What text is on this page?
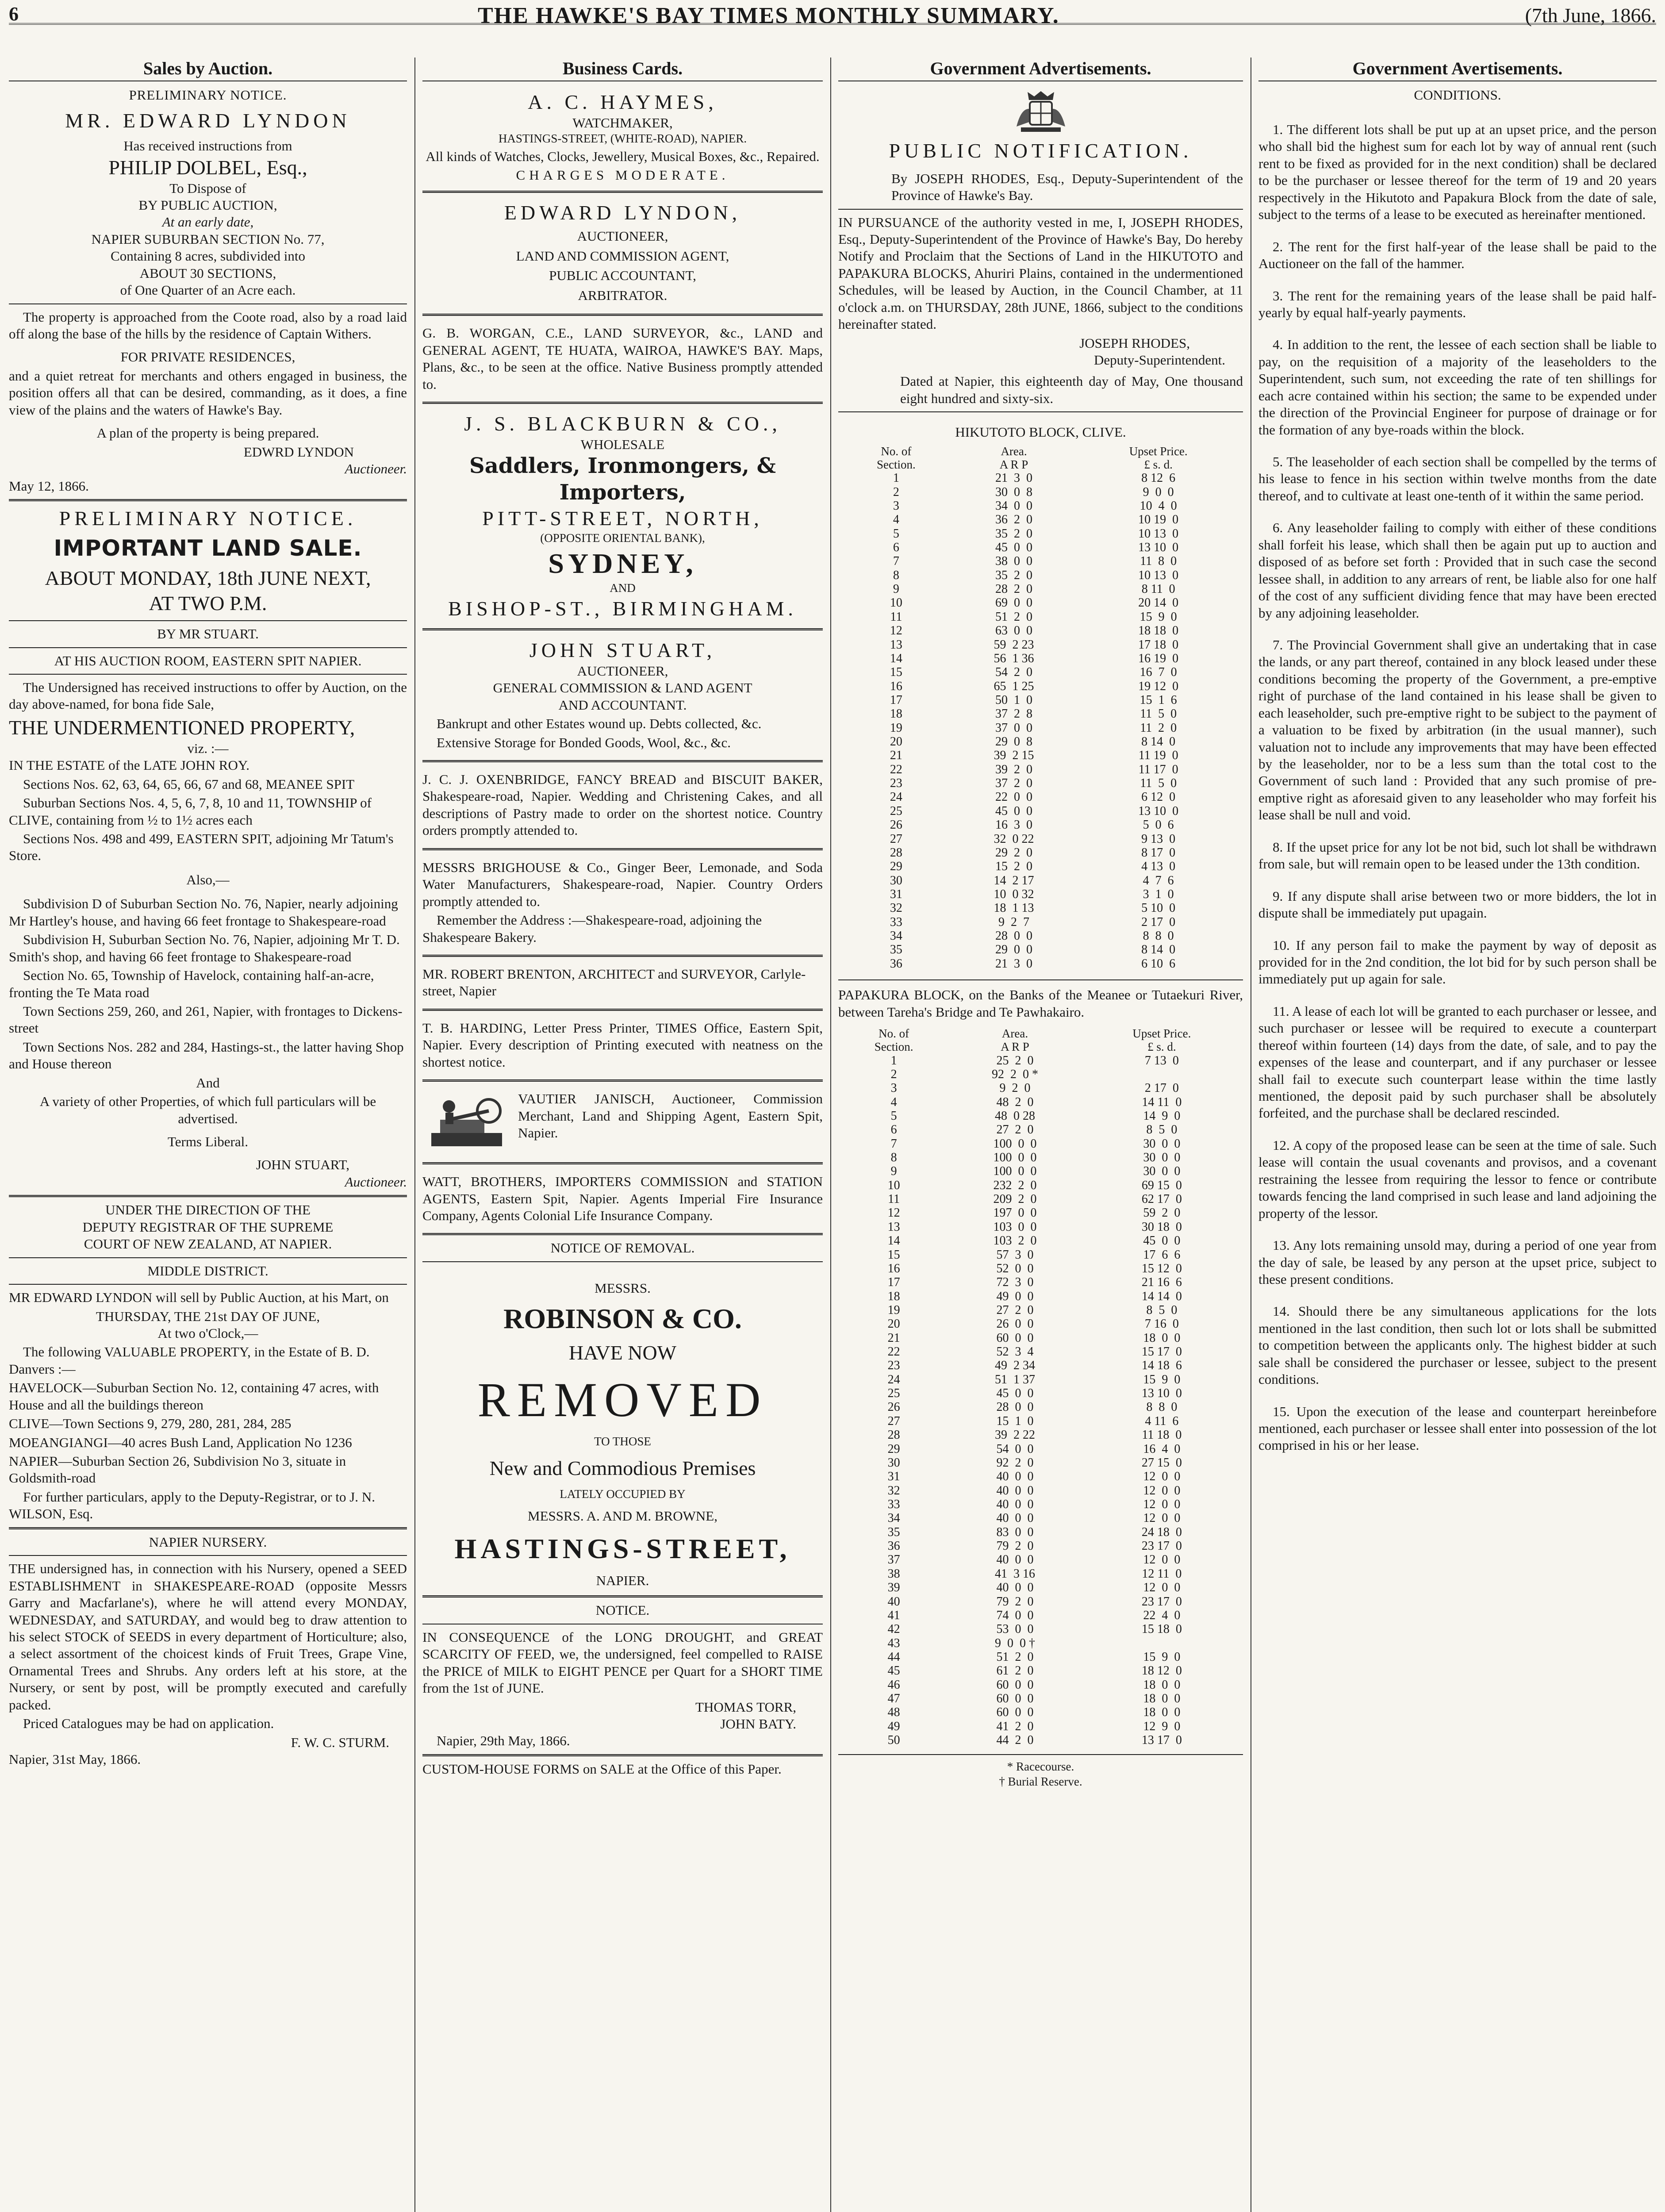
6	THE HAWKE'S BAY TIMES MONTHLY SUMMARY.	(7th June, 1866.
Sales by Auction.
PRELIMINARY NOTICE.
MR. EDWARD LYNDON
Has received instructions from
PHILIP DOLBEL, Esq.,
To Dispose of
BY PUBLIC AUCTION,
At an early date,
NAPIER SUBURBAN SECTION No. 77,
Containing 8 acres, subdivided into
ABOUT 30 SECTIONS,
of One Quarter of an Acre each.

The property is approached from the Coote road, also by a road laid off along the base of the hills by the residence of Captain Withers.

FOR PRIVATE RESIDENCES,

and a quiet retreat for merchants and others engaged in business, the position offers all that can be desired, commanding, as it does, a fine view of the plains and the waters of Hawke's Bay.

A plan of the property is being prepared.

EDWRD LYNDON
Auctioneer.
May 12, 1866.
PRELIMINARY NOTICE.
IMPORTANT LAND SALE.
ABOUT MONDAY, 18th JUNE NEXT,
AT TWO P.M.
BY MR STUART.
AT HIS AUCTION ROOM, EASTERN SPIT NAPIER.

The Undersigned has received instructions to offer by Auction, on the day above-named, for bona fide Sale,

THE UNDERMENTIONED PROPERTY,
viz. :—
IN THE ESTATE of the LATE JOHN ROY.

Sections Nos. 62, 63, 64, 65, 66, 67 and 68, MEANEE SPIT

Suburban Sections Nos. 4, 5, 6, 7, 8, 10 and 11, TOWNSHIP of CLIVE, containing from ½ to 1½ acres each

Sections Nos. 498 and 499, EASTERN SPIT, adjoining Mr Tatum's Store.

Also,—

Subdivision D of Suburban Section No. 76, Napier, nearly adjoining Mr Hartley's house, and having 66 feet frontage to Shakespeare-road

Subdivision H, Suburban Section No. 76, Napier, adjoining Mr T. D. Smith's shop, and having 66 feet frontage to Shakespeare-road

Section No. 65, Township of Havelock, containing half-an-acre, fronting the Te Mata road

Town Sections 259, 260, and 261, Napier, with frontages to Dickens-street

Town Sections Nos. 282 and 284, Hastings-st., the latter having Shop and House thereon

And

A variety of other Properties, of which full particulars will be advertised.

Terms Liberal.
JOHN STUART,
Auctioneer.
UNDER THE DIRECTION OF THE
DEPUTY REGISTRAR OF THE SUPREME
COURT OF NEW ZEALAND, AT NAPIER.
MIDDLE DISTRICT.

MR EDWARD LYNDON will sell by Public Auction, at his Mart, on

THURSDAY, THE 21st DAY OF JUNE,
At two o'Clock,—

The following VALUABLE PROPERTY, in the Estate of B. D. Danvers :—

HAVELOCK—Suburban Section No. 12, containing 47 acres, with House and all the buildings thereon

CLIVE—Town Sections 9, 279, 280, 281, 284, 285

MOEANGIANGI—40 acres Bush Land, Application No 1236

NAPIER—Suburban Section 26, Subdivision No 3, situate in Goldsmith-road

For further particulars, apply to the Deputy-Registrar, or to J. N. WILSON, Esq.

NAPIER NURSERY.

THE undersigned has, in connection with his Nursery, opened a SEED ESTABLISHMENT in SHAKESPEARE-ROAD (opposite Messrs Garry and Macfarlane's), where he will attend every MONDAY, WEDNESDAY, and SATURDAY, and would beg to draw attention to his select STOCK of SEEDS in every department of Horticulture; also, a select assortment of the choicest kinds of Fruit Trees, Grape Vine, Ornamental Trees and Shrubs. Any orders left at his store, at the Nursery, or sent by post, will be promptly executed and carefully packed.

Priced Catalogues may be had on application.

F. W. C. STURM.
Napier, 31st May, 1866.
Business Cards.
A. C. HAYMES,
WATCHMAKER,
HASTINGS-STREET, (WHITE-ROAD), NAPIER.

All kinds of Watches, Clocks, Jewellery, Musical Boxes, &c., Repaired.

CHARGES MODERATE.
EDWARD LYNDON,
AUCTIONEER,
LAND AND COMMISSION AGENT,
PUBLIC ACCOUNTANT,
ARBITRATOR.

G. B. WORGAN, C.E., LAND SURVEYOR, &c., LAND and GENERAL AGENT, TE HUATA, WAIROA, HAWKE'S BAY. Maps, Plans, &c., to be seen at the office. Native Business promptly attended to.

J. S. BLACKBURN & CO.,
WHOLESALE
Saddlers, Ironmongers, & Importers,
PITT-STREET, NORTH,
(OPPOSITE ORIENTAL BANK),
SYDNEY,
AND
BISHOP-ST., BIRMINGHAM.
JOHN STUART,
AUCTIONEER,
GENERAL COMMISSION & LAND AGENT
AND ACCOUNTANT.

Bankrupt and other Estates wound up. Debts collected, &c.

Extensive Storage for Bonded Goods, Wool, &c., &c.

J. C. J. OXENBRIDGE, FANCY BREAD and BISCUIT BAKER, Shakespeare-road, Napier. Wedding and Christening Cakes, and all descriptions of Pastry made to order on the shortest notice. Country orders promptly attended to.

MESSRS BRIGHOUSE & Co., Ginger Beer, Lemonade, and Soda Water Manufacturers, Shakespeare-road, Napier. Country Orders promptly attended to.

Remember the Address :—Shakespeare-road, adjoining the Shakespeare Bakery.

MR. ROBERT BRENTON, ARCHITECT and SURVEYOR, Carlyle-street, Napier

T. B. HARDING, Letter Press Printer, TIMES Office, Eastern Spit, Napier. Every description of Printing executed with neatness on the shortest notice.

VAUTIER JANISCH, Auctioneer, Commission Merchant, Land and Shipping Agent, Eastern Spit, Napier.

WATT, BROTHERS, IMPORTERS COMMISSION and STATION AGENTS, Eastern Spit, Napier. Agents Imperial Fire Insurance Company, Agents Colonial Life Insurance Company.

NOTICE OF REMOVAL.
MESSRS.
ROBINSON & CO.
HAVE NOW
REMOVED
TO THOSE
New and Commodious Premises
LATELY OCCUPIED BY
MESSRS. A. AND M. BROWNE,
HASTINGS-STREET,
NAPIER.
NOTICE.

IN CONSEQUENCE of the LONG DROUGHT, and GREAT SCARCITY OF FEED, we, the undersigned, feel compelled to RAISE the PRICE of MILK to EIGHT PENCE per Quart for a SHORT TIME from the 1st of JUNE.

THOMAS TORR,
JOHN BATY.
Napier, 29th May, 1866.

CUSTOM-HOUSE FORMS on SALE at the Office of this Paper.

Government Advertisements.
PUBLIC NOTIFICATION.

By JOSEPH RHODES, Esq., Deputy-Superintendent of the Province of Hawke's Bay.

IN PURSUANCE of the authority vested in me, I, JOSEPH RHODES, Esq., Deputy-Superintendent of the Province of Hawke's Bay, Do hereby Notify and Proclaim that the Sections of Land in the HIKUTOTO and PAPAKURA BLOCKS, Ahuriri Plains, contained in the undermentioned Schedules, will be leased by Auction, in the Council Chamber, at 11 o'clock a.m. on THURSDAY, 28th JUNE, 1866, subject to the conditions hereinafter stated.

JOSEPH RHODES,
Deputy-Superintendent.

Dated at Napier, this eighteenth day of May, One thousand eight hundred and sixty-six.

HIKUTOTO BLOCK, CLIVE.
No. of	Area.	Upset Price.
Section.	A R P	£ s. d.
1	21  3  0	8 12  6
2	30  0  8	9  0  0
3	34  0  0	10  4  0
4	36  2  0	10 19  0
5	35  2  0	10 13  0
6	45  0  0	13 10  0
7	38  0  0	11  8  0
8	35  2  0	10 13  0
9	28  2  0	8 11  0
10	69  0  0	20 14  0
11	51  2  0	15  9  0
12	63  0  0	18 18  0
13	59  2 23	17 18  0
14	56  1 36	16 19  0
15	54  2  0	16  7  0
16	65  1 25	19 12  0
17	50  1  0	15  1  6
18	37  2  8	11  5  0
19	37  0  0	11  2  0
20	29  0  8	8 14  0
21	39  2 15	11 19  0
22	39  2  0	11 17  0
23	37  2  0	11  5  0
24	22  0  0	6 12  0
25	45  0  0	13 10  0
26	16  3  0	5  0  6
27	32  0 22	9 13  0
28	29  2  0	8 17  0
29	15  2  0	4 13  0
30	14  2 17	4  7  6
31	10  0 32	3  1  0
32	18  1 13	5 10  0
33	9  2  7	2 17  0
34	28  0  0	8  8  0
35	29  0  0	8 14  0
36	21  3  0	6 10  6

PAPAKURA BLOCK, on the Banks of the Meanee or Tutaekuri River, between Tareha's Bridge and Te Pawhakairo.

No. of	Area.	Upset Price.
Section.	A R P	£ s. d.
1	25  2  0	7 13  0
2	92  2  0 *	
3	9  2  0	2 17  0
4	48  2  0	14 11  0
5	48  0 28	14  9  0
6	27  2  0	8  5  0
7	100  0  0	30  0  0
8	100  0  0	30  0  0
9	100  0  0	30  0  0
10	232  2  0	69 15  0
11	209  2  0	62 17  0
12	197  0  0	59  2  0
13	103  0  0	30 18  0
14	103  2  0	45  0  0
15	57  3  0	17  6  6
16	52  0  0	15 12  0
17	72  3  0	21 16  6
18	49  0  0	14 14  0
19	27  2  0	8  5  0
20	26  0  0	7 16  0
21	60  0  0	18  0  0
22	52  3  4	15 17  0
23	49  2 34	14 18  6
24	51  1 37	15  9  0
25	45  0  0	13 10  0
26	28  0  0	8  8  0
27	15  1  0	4 11  6
28	39  2 22	11 18  0
29	54  0  0	16  4  0
30	92  2  0	27 15  0
31	40  0  0	12  0  0
32	40  0  0	12  0  0
33	40  0  0	12  0  0
34	40  0  0	12  0  0
35	83  0  0	24 18  0
36	79  2  0	23 17  0
37	40  0  0	12  0  0
38	41  3 16	12 11  0
39	40  0  0	12  0  0
40	79  2  0	23 17  0
41	74  0  0	22  4  0
42	53  0  0	15 18  0
43	9  0  0 †	
44	51  2  0	15  9  0
45	61  2  0	18 12  0
46	60  0  0	18  0  0
47	60  0  0	18  0  0
48	60  0  0	18  0  0
49	41  2  0	12  9  0
50	44  2  0	13 17  0
* Racecourse.
† Burial Reserve.
Government Avertisements.
CONDITIONS.

1. The different lots shall be put up at an upset price, and the person who shall bid the highest sum for each lot by way of annual rent (such rent to be fixed as provided for in the next condition) shall be declared to be the purchaser or lessee thereof for the term of 19 and 20 years respectively in the Hikutoto and Papakura Block from the date of sale, subject to the terms of a lease to be executed as hereinafter mentioned.

2. The rent for the first half-year of the lease shall be paid to the Auctioneer on the fall of the hammer.

3. The rent for the remaining years of the lease shall be paid half-yearly by equal half-yearly payments.

4. In addition to the rent, the lessee of each section shall be liable to pay, on the requisition of a majority of the leaseholders to the Superintendent, such sum, not exceeding the rate of ten shillings for each acre contained within his section; the same to be expended under the direction of the Provincial Engineer for purpose of drainage or for the formation of any bye-roads within the block.

5. The leaseholder of each section shall be compelled by the terms of his lease to fence in his section within twelve months from the date thereof, and to cultivate at least one-tenth of it within the same period.

6. Any leaseholder failing to comply with either of these conditions shall forfeit his lease, which shall then be again put up to auction and disposed of as before set forth : Provided that in such case the second lessee shall, in addition to any arrears of rent, be liable also for one half of the cost of any sufficient dividing fence that may have been erected by any adjoining leaseholder.

7. The Provincial Government shall give an undertaking that in case the lands, or any part thereof, contained in any block leased under these conditions becoming the property of the Government, a pre-emptive right of purchase of the land contained in his lease shall be given to each leaseholder, such pre-emptive right to be subject to the payment of a valuation to be fixed by arbitration (in the usual manner), such valuation not to include any improvements that may have been effected by the leaseholder, nor to be a less sum than the total cost to the Government of such land : Provided that any such promise of pre-emptive right as aforesaid given to any leaseholder who may forfeit his lease shall be null and void.

8. If the upset price for any lot be not bid, such lot shall be withdrawn from sale, but will remain open to be leased under the 13th condition.

9. If any dispute shall arise between two or more bidders, the lot in dispute shall be immediately put upagain.

10. If any person fail to make the payment by way of deposit as provided for in the 2nd condition, the lot bid for by such person shall be immediately put up again for sale.

11. A lease of each lot will be granted to each purchaser or lessee, and such purchaser or lessee will be required to execute a counterpart thereof within fourteen (14) days from the date, of sale, and to pay the expenses of the lease and counterpart, and if any purchaser or lessee shall fail to execute such counterpart lease within the time lastly mentioned, the deposit paid by such purchaser shall be absolutely forfeited, and the purchase shall be declared rescinded.

12. A copy of the proposed lease can be seen at the time of sale. Such lease will contain the usual covenants and provisos, and a covenant restraining the lessee from requiring the lessor to fence or contribute towards fencing the land comprised in such lease and land adjoining the property of the lessor.

13. Any lots remaining unsold may, during a period of one year from the day of sale, be leased by any person at the upset price, subject to these present conditions.

14. Should there be any simultaneous applications for the lots mentioned in the last condition, then such lot or lots shall be submitted to competition between the applicants only. The highest bidder at such sale shall be considered the purchaser or lessee, subject to the present conditions.

15. Upon the execution of the lease and counterpart hereinbefore mentioned, each purchaser or lessee shall enter into possession of the lot comprised in his or her lease.
